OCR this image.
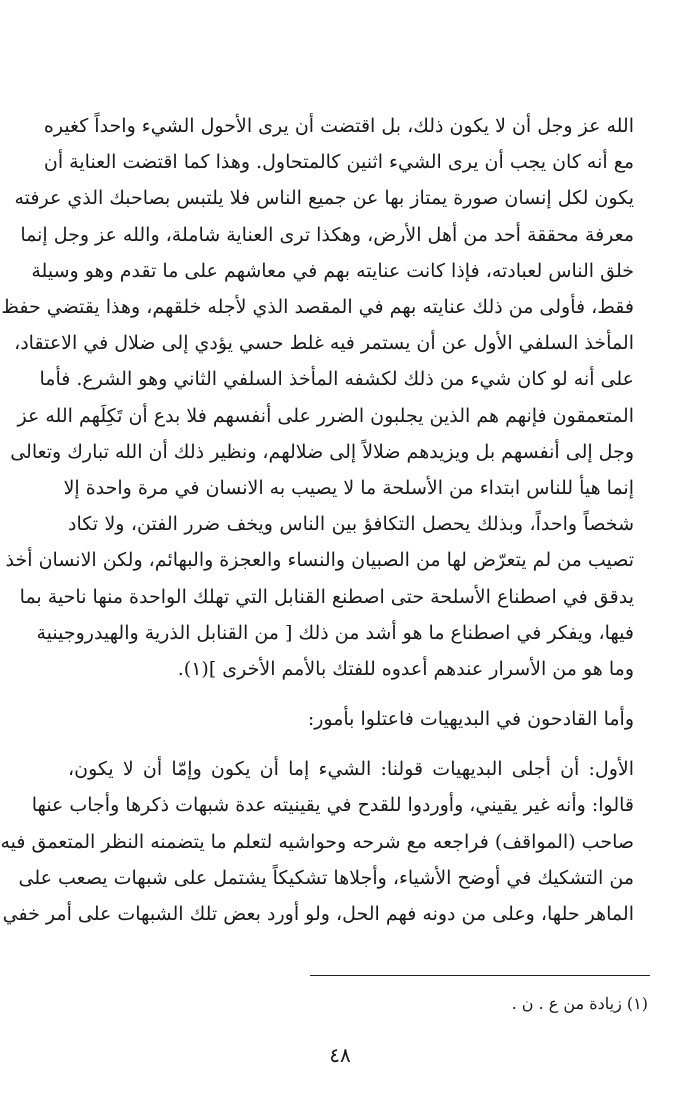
الله عز وجل أن لا يكون ذلك، بل اقتضت أن يرى الأحول الشيء واحداً كغيره
مع أنه كان يجب أن يرى الشيء اثنين كالمتحاول. وهذا كما اقتضت العناية أن
يكون لكل إنسان صورة يمتاز بها عن جميع الناس فلا يلتبس بصاحبك الذي عرفته
معرفة محققة أحد من أهل الأرض، وهكذا ترى العناية شاملة، والله عز وجل إنما
خلق الناس لعبادته، فإذا كانت عنايته بهم في معاشهم على ما تقدم وهو وسيلة
فقط، فأولى من ذلك عنايته بهم في المقصد الذي لأجله خلقهم، وهذا يقتضي حفظ
المأخذ السلفي الأول عن أن يستمر فيه غلط حسي يؤدي إلى ضلال في الاعتقاد،
على أنه لو كان شيء من ذلك لكشفه المأخذ السلفي الثاني وهو الشرع. فأما
المتعمقون فإنهم هم الذين يجلبون الضرر على أنفسهم فلا بدع أن تَكِلَهم الله عز
وجل إلى أنفسهم بل ويزيدهم ضلالاً إلى ضلالهم، ونظير ذلك أن الله تبارك وتعالى
إنما هيأ للناس ابتداء من الأسلحة ما لا يصيب به الانسان في مرة واحدة إلا
شخصاً واحداً، وبذلك يحصل التكافؤ بين الناس ويخف ضرر الفتن، ولا تكاد
تصيب من لم يتعرّض لها من الصبيان والنساء والعجزة والبهائم، ولكن الانسان أخذ
يدقق في اصطناع الأسلحة حتى اصطنع القنابل التي تهلك الواحدة منها ناحية بما
فيها، ويفكر في اصطناع ما هو أشد من ذلك [ من القنابل الذرية والهيدروجينية
وما هو من الأسرار عندهم أعدوه للفتك بالأمم الأخرى ](١).
وأما القادحون في البديهيات فاعتلوا بأمور:
الأول: أن أجلى البديهيات قولنا: الشيء إما أن يكون وإمّا أن لا يكون،
قالوا: وأنه غير يقيني، وأوردوا للقدح في يقينيته عدة شبهات ذكرها وأجاب عنها
صاحب (المواقف) فراجعه مع شرحه وحواشيه لتعلم ما يتضمنه النظر المتعمق فيه
من التشكيك في أوضح الأشياء، وأجلاها تشكيكاً يشتمل على شبهات يصعب على
الماهر حلها، وعلى من دونه فهم الحل، ولو أورد بعض تلك الشبهات على أمر خفي
(١) زيادة من ع . ن .
٤٨
